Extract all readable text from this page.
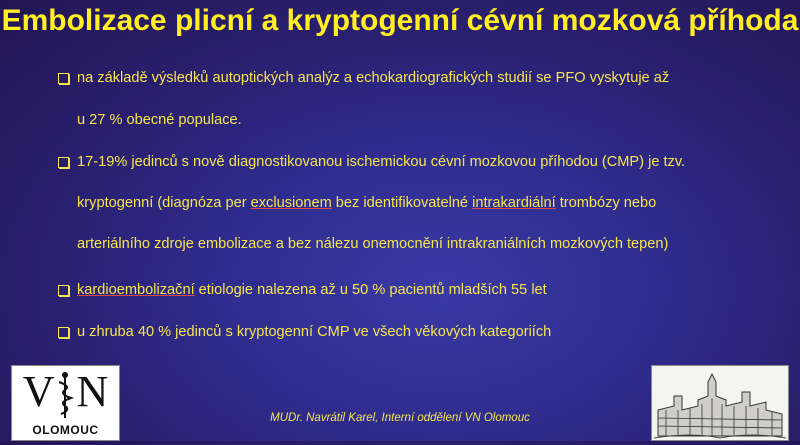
Embolizace plicní a kryptogenní cévní mozková příhoda
na základě výsledků autoptických analýz a echokardiografických studií se PFO vyskytuje až
u 27 % obecné populace.
17-19% jedinců s nově diagnostikovanou ischemickou cévní mozkovou příhodou (CMP) je tzv.
kryptogenní (diagnóza per exclusionem bez identifikovatelné intrakardiální trombózy nebo
arteriálního zdroje embolizace a bez nálezu onemocnění intrakraniálních mozkových tepen)
kardioembolizační etiologie nalezena až u 50 % pacientů mladších 55 let
u zhruba 40 % jedinců s kryptogenní CMP ve všech věkových kategoriích
V N
OLOMOUC
MUDr. Navrátil Karel, Interní oddělení VN Olomouc
